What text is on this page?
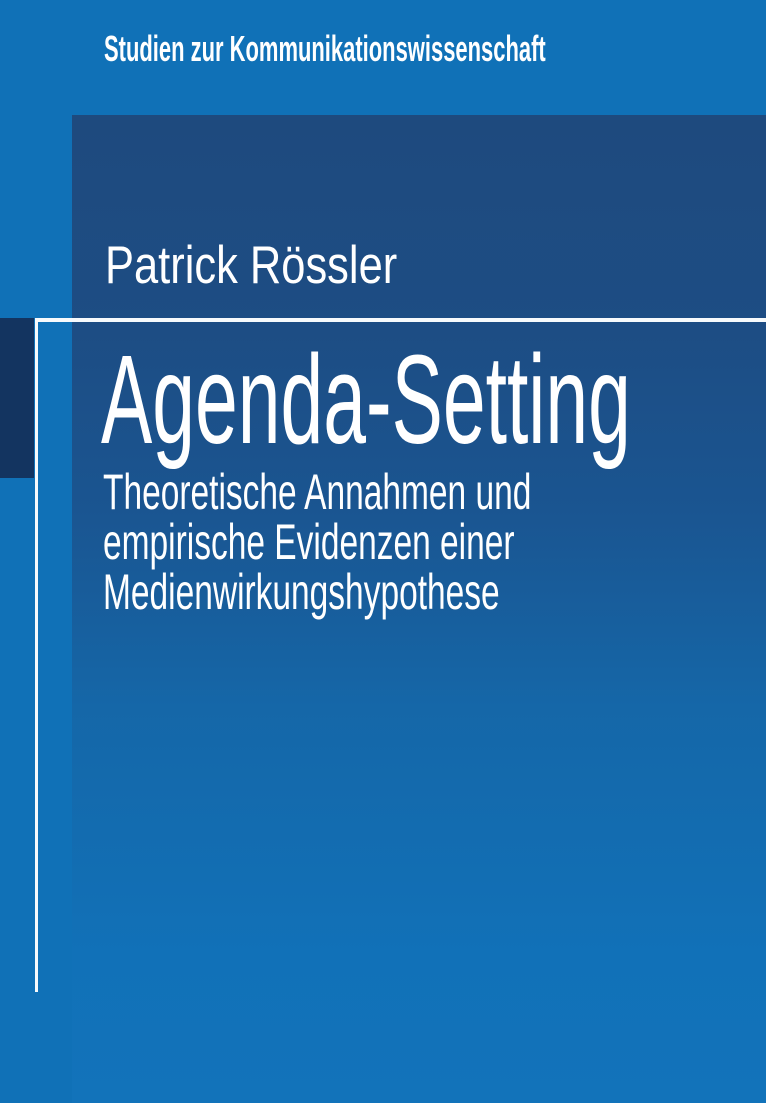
Studien zur Kommunikationswissenschaft
Patrick Rössler
Agenda-Setting
Theoretische Annahmen und
empirische Evidenzen einer
Medienwirkungshypothese
